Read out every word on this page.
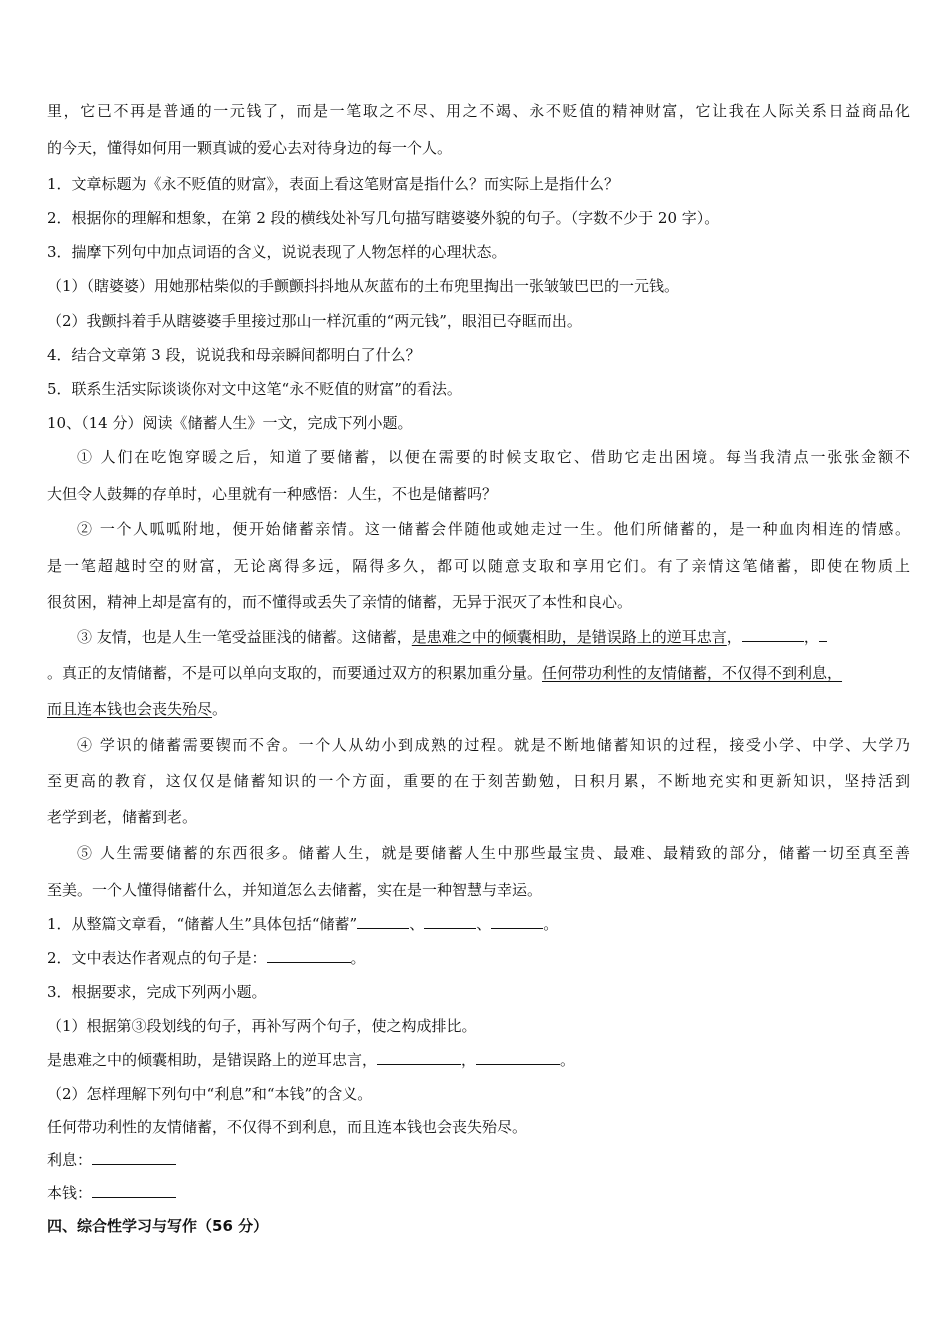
里，它已不再是普通的一元钱了，而是一笔取之不尽、用之不竭、永不贬值的精神财富，它让我在人际关系日益商品化
的今天，懂得如何用一颗真诚的爱心去对待身边的每一个人。
1．文章标题为《永不贬值的财富》，表面上看这笔财富是指什么？而实际上是指什么？
2．根据你的理解和想象，在第 2 段的横线处补写几句描写瞎婆婆外貌的句子。（字数不少于 20 字）。
3．揣摩下列句中加点词语的含义，说说表现了人物怎样的心理状态。
（1）（瞎婆婆）用她那枯柴似的手颤颤抖抖地从灰蓝布的土布兜里掏出一张皱皱巴巴的一元钱。
（2）我颤抖着手从瞎婆婆手里接过那山一样沉重的“两元钱”，眼泪已夺眶而出。
4．结合文章第 3 段，说说我和母亲瞬间都明白了什么？
5．联系生活实际谈谈你对文中这笔“永不贬值的财富”的看法。
10、（14 分）阅读《储蓄人生》一文，完成下列小题。
① 人们在吃饱穿暖之后，知道了要储蓄，以便在需要的时候支取它、借助它走出困境。每当我清点一张张金额不
大但令人鼓舞的存单时，心里就有一种感悟：人生，不也是储蓄吗？
② 一个人呱呱附地，便开始储蓄亲情。这一储蓄会伴随他或她走过一生。他们所储蓄的，是一种血肉相连的情感。
是一笔超越时空的财富，无论离得多远，隔得多久，都可以随意支取和享用它们。有了亲情这笔储蓄，即使在物质上
很贫困，精神上却是富有的，而不懂得或丢失了亲情的储蓄，无异于泯灭了本性和良心。
③ 友情，也是人生一笔受益匪浅的储蓄。这储蓄，是患难之中的倾囊相助，是错误路上的逆耳忠言，	，
。真正的友情储蓄，不是可以单向支取的，而要通过双方的积累加重分量。任何带功利性的友情储蓄，不仅得不到利息，
而且连本钱也会丧失殆尽。
④ 学识的储蓄需要锲而不舍。一个人从幼小到成熟的过程。就是不断地储蓄知识的过程，接受小学、中学、大学乃
至更高的教育，这仅仅是储蓄知识的一个方面，重要的在于刻苦勤勉，日积月累，不断地充实和更新知识，坚持活到
老学到老，储蓄到老。
⑤ 人生需要储蓄的东西很多。储蓄人生，就是要储蓄人生中那些最宝贵、最难、最精致的部分，储蓄一切至真至善
至美。一个人懂得储蓄什么，并知道怎么去储蓄，实在是一种智慧与幸运。
1．从整篇文章看，“储蓄人生”具体包括“储蓄”	、	、	。
2．文中表达作者观点的句子是：	。
3．根据要求，完成下列两小题。
（1）根据第③段划线的句子，再补写两个句子，使之构成排比。
是患难之中的倾囊相助，是错误路上的逆耳忠言，	，	。
（2）怎样理解下列句中“利息”和“本钱”的含义。
任何带功利性的友情储蓄，不仅得不到利息，而且连本钱也会丧失殆尽。
利息：
本钱：
四、综合性学习与写作（56 分）
